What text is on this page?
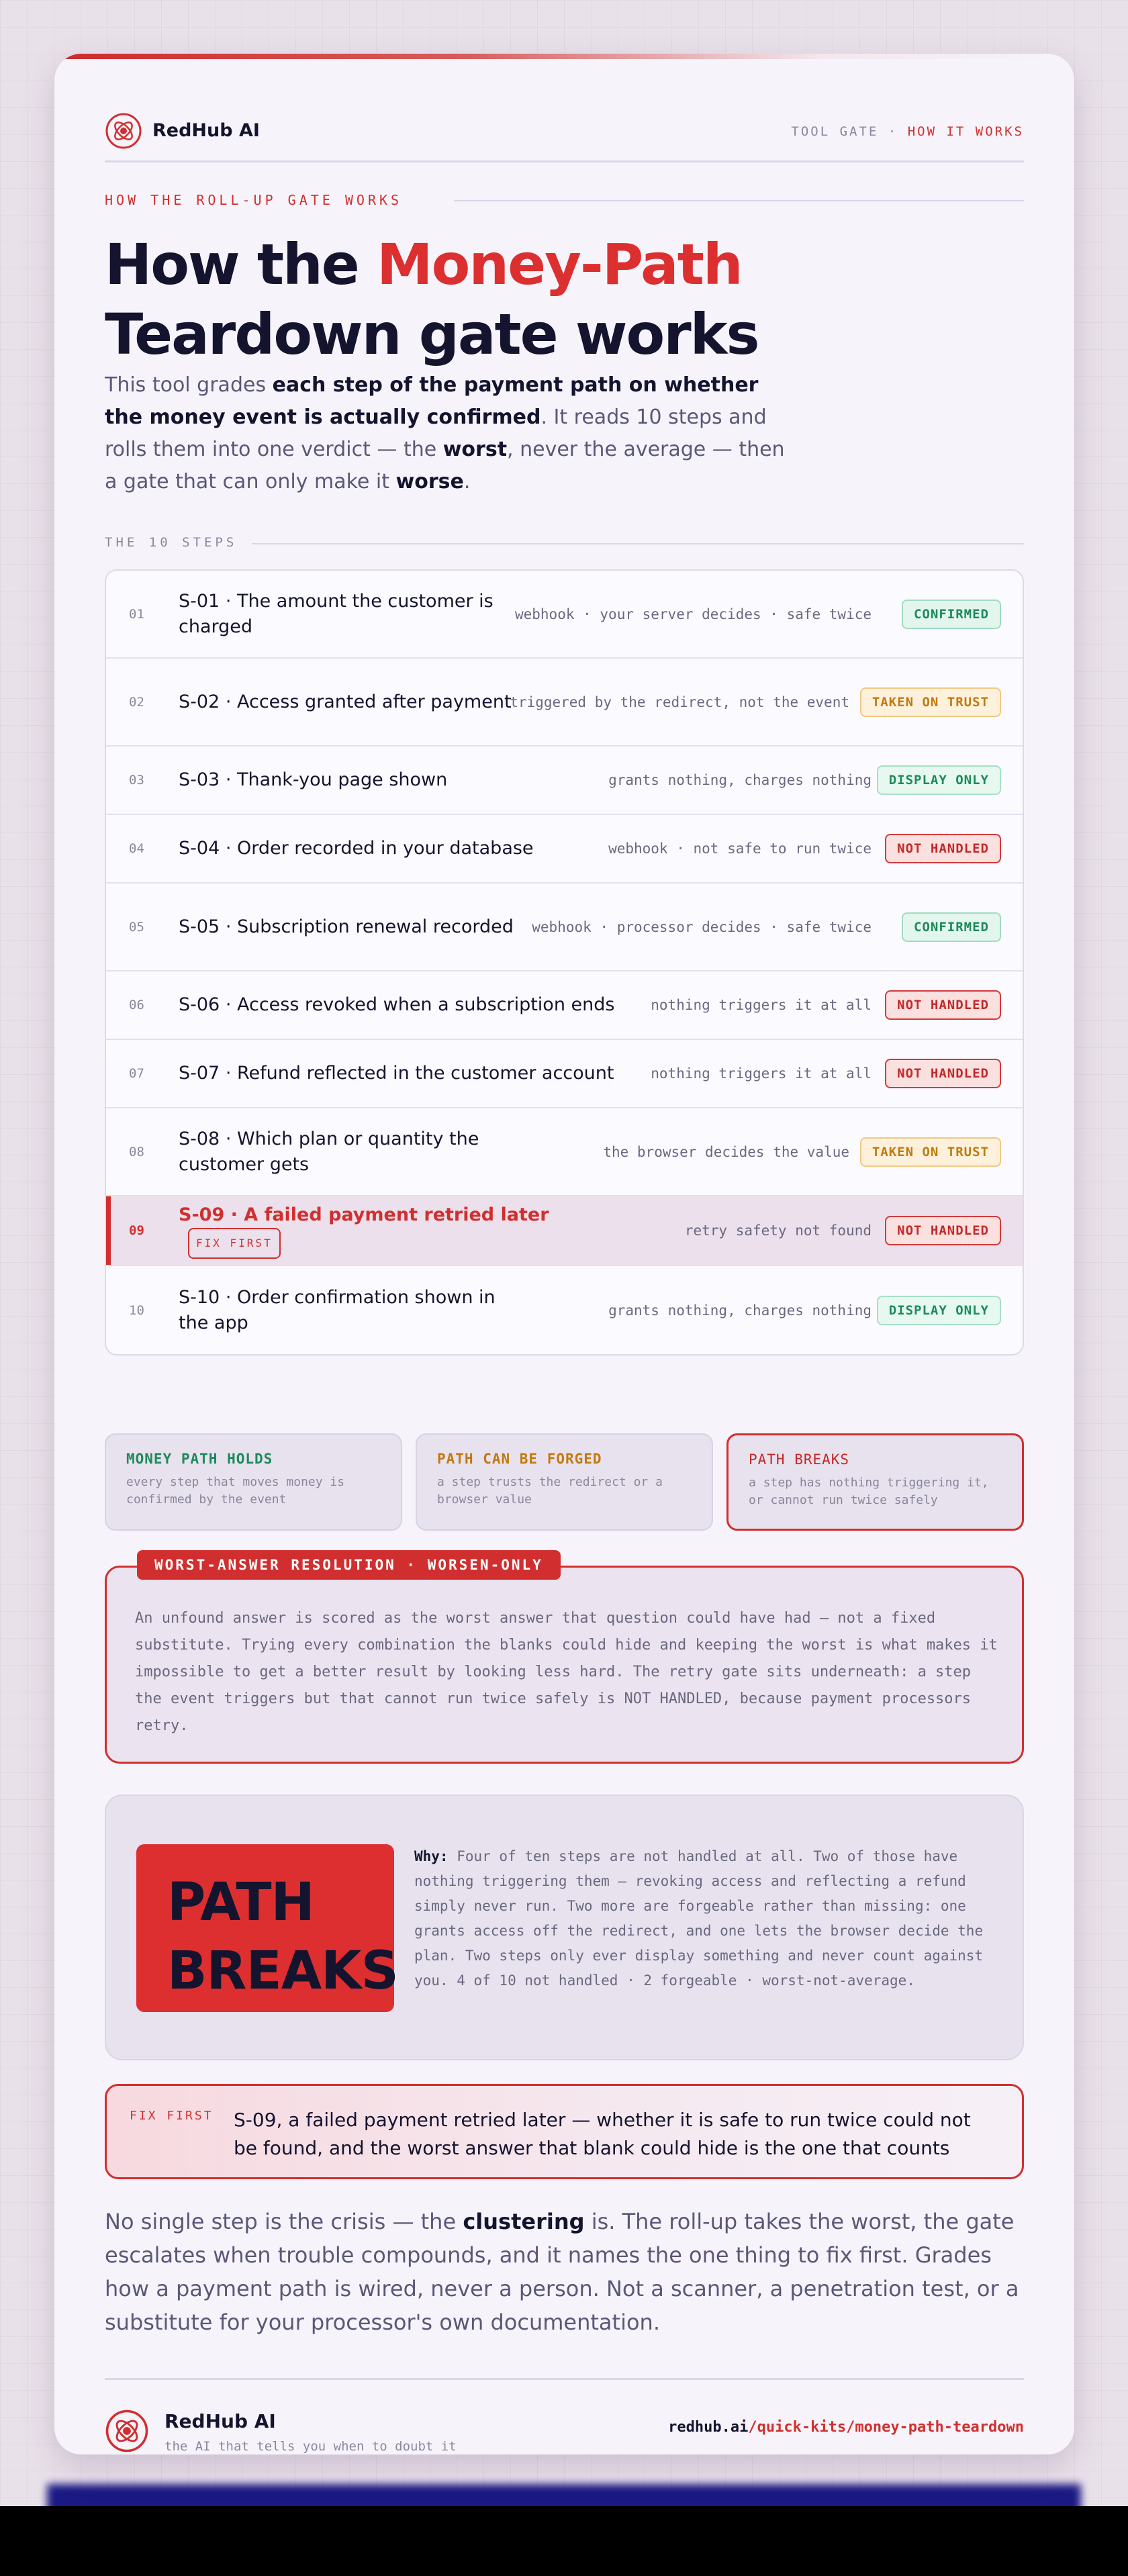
RedHub AI	TOOL GATE · HOW IT WORKS
HOW THE ROLL-UP GATE WORKS
How the Money-Path
Teardown gate works

This tool grades each step of the payment path on whether the money event is actually confirmed. It reads 10 steps and rolls them into one verdict — the worst, never the average — then a gate that can only make it worse.

THE 10 STEPS
01
S-01 · The amount the customer is charged
webhook · your server decides · safe twice	CONFIRMED
02 S-02 · Access granted after payment
triggered by the redirect, not the event	TAKEN ON TRUST
03 S-03 · Thank-you page shown	grants nothing, charges nothing	DISPLAY ONLY
04 S-04 · Order recorded in your database	webhook · not safe to run twice	NOT HANDLED
05 S-05 · Subscription renewal recorded	webhook · processor decides · safe twice	CONFIRMED
06 S-06 · Access revoked when a subscription ends	nothing triggers it at all	NOT HANDLED
07 S-07 · Refund reflected in the customer account	nothing triggers it at all	NOT HANDLED
08
S-08 · Which plan or quantity the customer gets
the browser decides the value	TAKEN ON TRUST
09
S-09 · A failed payment retried laterFIX FIRST
retry safety not found	NOT HANDLED
10
S-10 · Order confirmation shown in the app
grants nothing, charges nothing	DISPLAY ONLY
MONEY PATH HOLDS
every step that moves money is confirmed by the event
PATH CAN BE FORGED
a step trusts the redirect or a browser value
PATH BREAKS
a step has nothing triggering it, or cannot run twice safely
WORST-ANSWER RESOLUTION · WORSEN-ONLY

An unfound answer is scored as the worst answer that question could have had — not a fixed substitute. Trying every combination the blanks could hide and keeping the worst is what makes it impossible to get a better result by looking less hard. The retry gate sits underneath: a step the event triggers but that cannot run twice safely is NOT HANDLED, because payment processors retry.

PATH
BREAKS

Why: Four of ten steps are not handled at all. Two of those have nothing triggering them — revoking access and reflecting a refund simply never run. Two more are forgeable rather than missing: one grants access off the redirect, and one lets the browser decide the plan. Two steps only ever display something and never count against you. 4 of 10 not handled · 2 forgeable · worst-not-average.

FIX FIRST S-09, a failed payment retried later — whether it is safe to run twice could not be found, and the worst answer that blank could hide is the one that counts

No single step is the crisis — the clustering is. The roll-up takes the worst, the gate escalates when trouble compounds, and it names the one thing to fix first. Grades how a payment path is wired, never a person. Not a scanner, a penetration test, or a substitute for your processor's own documentation.

RedHub AI
the AI that tells you when to doubt it
redhub.ai/quick-kits/money-path-teardown
